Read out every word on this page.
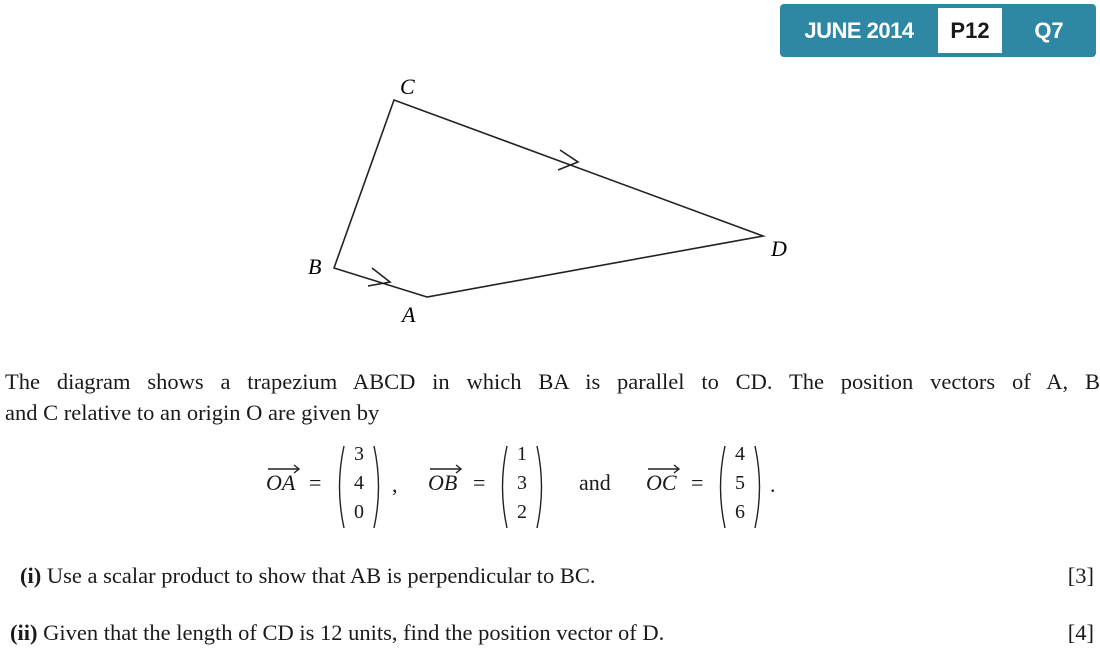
JUNE 2014	P12	Q7
C
B
A
D

The diagram shows a trapezium ABCD in which BA is parallel to CD. The position vectors of A, B
and C relative to an origin O are given by

OA =
3
4
0
, OB =
1
3
2
and OC =
4
5
6
.
(i) Use a scalar product to show that AB is perpendicular to BC.	[3]
(ii) Given that the length of CD is 12 units, find the position vector of D.	[4]
